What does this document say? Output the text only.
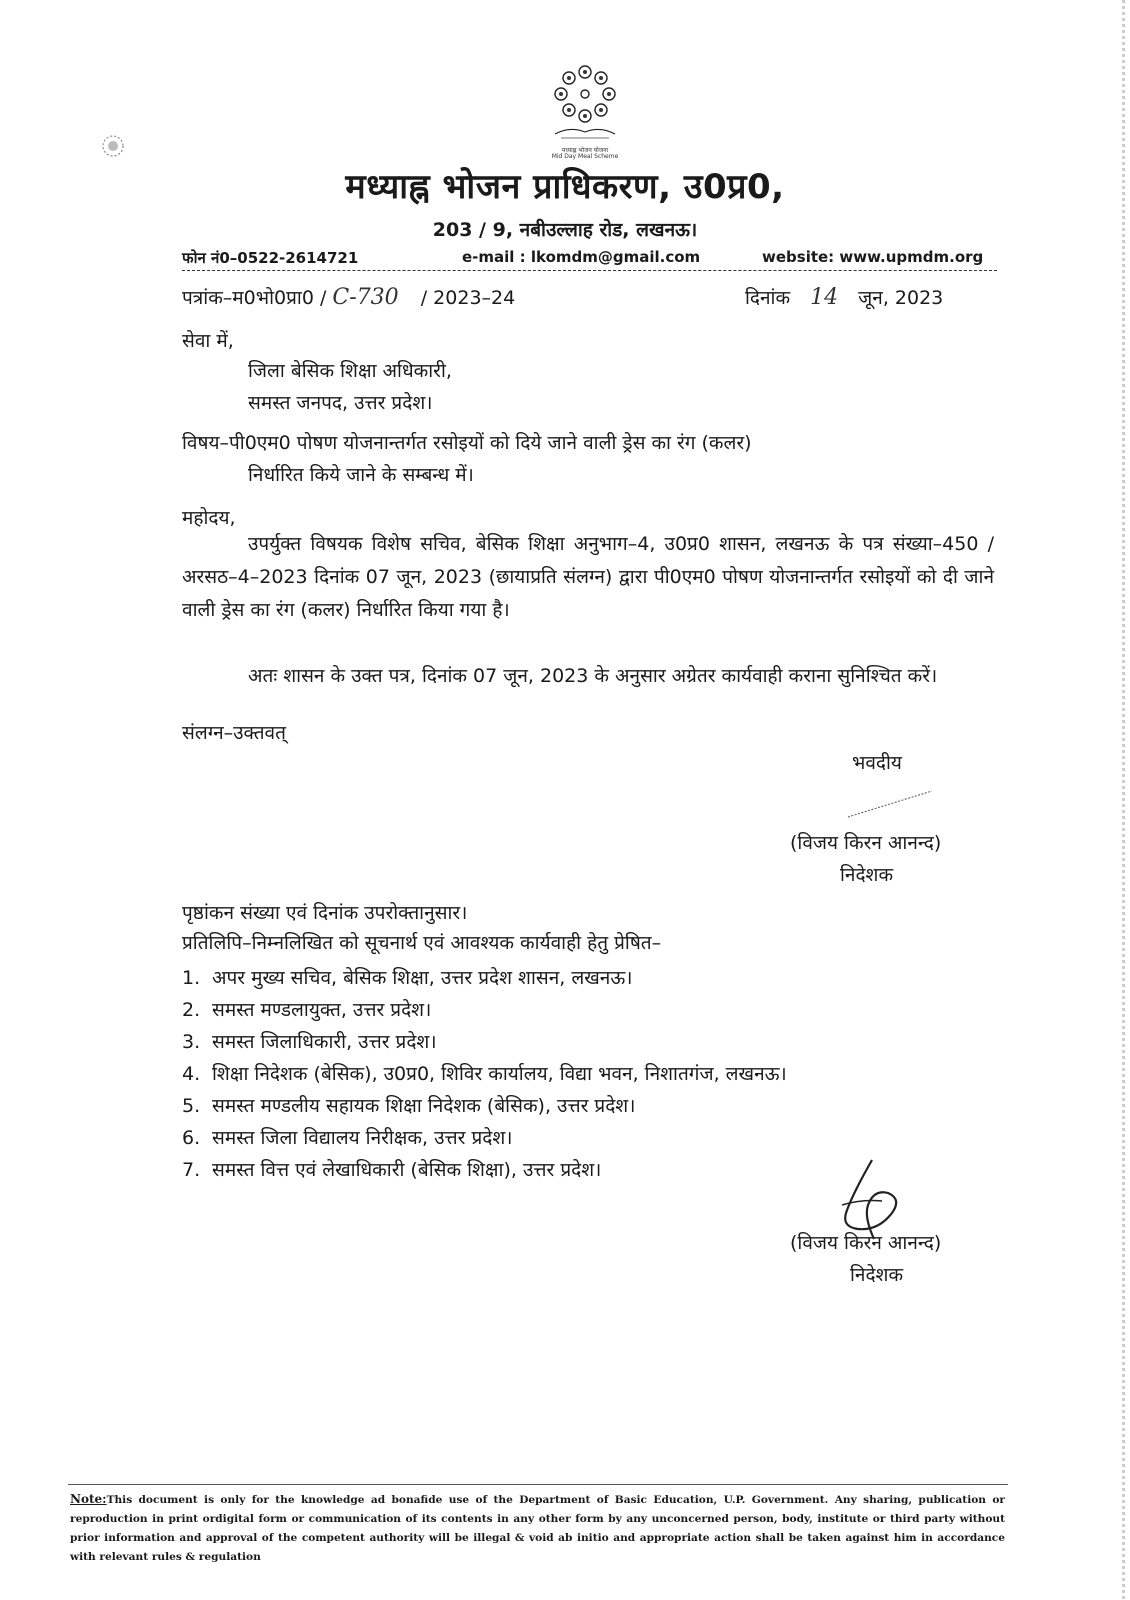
मध्याह्न भोजन योजना
Mid Day Meal Scheme
मध्याह्न भोजन प्राधिकरण, उ0प्र0,
203 / 9, नबीउल्लाह रोड, लखनऊ।
फोन नं0–0522-2614721	e-mail : lkomdm@gmail.com	website: www.upmdm.org
पत्रांक–म0भो0प्रा0 / C-730 / 2023–24	दिनांक 14 जून, 2023
सेवा में,
जिला बेसिक शिक्षा अधिकारी,
समस्त जनपद, उत्तर प्रदेश।
विषय–पी0एम0 पोषण योजनान्तर्गत रसोइयों को दिये जाने वाली ड्रेस का रंग (कलर)
निर्धारित किये जाने के सम्बन्ध में।
महोदय,
उपर्युक्त विषयक विशेष सचिव, बेसिक शिक्षा अनुभाग–4, उ0प्र0 शासन, लखनऊ के पत्र संख्या–450 / अरसठ–4–2023 दिनांक 07 जून, 2023 (छायाप्रति संलग्न) द्वारा पी0एम0 पोषण योजनान्तर्गत रसोइयों को दी जाने वाली ड्रेस का रंग (कलर) निर्धारित किया गया है।
अतः शासन के उक्त पत्र, दिनांक 07 जून, 2023 के अनुसार अग्रेतर कार्यवाही कराना सुनिश्चित करें।
संलग्न–उक्तवत्
भवदीय
(विजय किरन आनन्द)
निदेशक
पृष्ठांकन संख्या एवं दिनांक उपरोक्तानुसार।
प्रतिलिपि–निम्नलिखित को सूचनार्थ एवं आवश्यक कार्यवाही हेतु प्रेषित–
1. अपर मुख्य सचिव, बेसिक शिक्षा, उत्तर प्रदेश शासन, लखनऊ।
2. समस्त मण्डलायुक्त, उत्तर प्रदेश।
3. समस्त जिलाधिकारी, उत्तर प्रदेश।
4. शिक्षा निदेशक (बेसिक), उ0प्र0, शिविर कार्यालय, विद्या भवन, निशातगंज, लखनऊ।
5. समस्त मण्डलीय सहायक शिक्षा निदेशक (बेसिक), उत्तर प्रदेश।
6. समस्त जिला विद्यालय निरीक्षक, उत्तर प्रदेश।
7. समस्त वित्त एवं लेखाधिकारी (बेसिक शिक्षा), उत्तर प्रदेश।
(विजय किरन आनन्द)
निदेशक
Note:This document is only for the knowledge ad bonafide use of the Department of Basic Education, U.P. Government. Any sharing, publication or reproduction in print ordigital form or communication of its contents in any other form by any unconcerned person, body, institute or third party without prior information and approval of the competent authority will be illegal & void ab initio and appropriate action shall be taken against him in accordance with relevant rules & regulation
